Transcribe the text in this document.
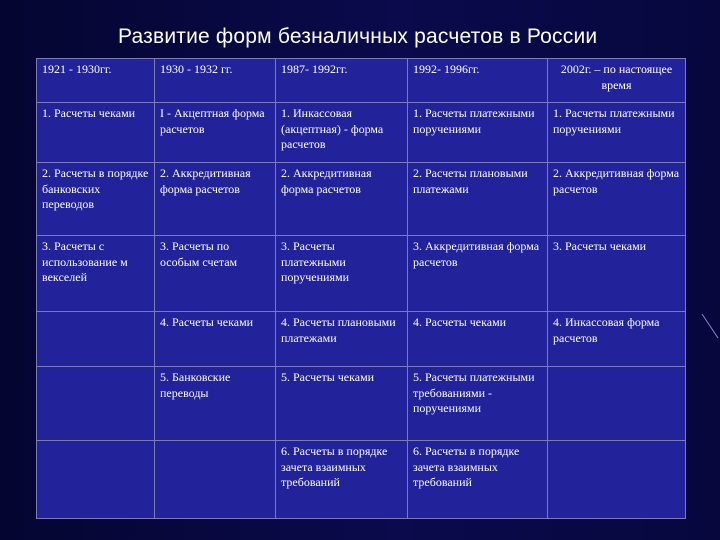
Развитие форм безналичных расчетов в России
1921 - 1930гг.	1930 - 1932 гг.	1987- 1992гг.	1992- 1996гг.	2002г. – по настоящее время
1. Расчеты чеками	I - Акцептная форма расчетов	1. Инкассовая (акцептная) - форма расчетов	1. Расчеты платежными поручениями	1. Расчеты платежными поручениями
2. Расчеты в порядке банковских переводов	2. Аккредитивная форма расчетов	2. Аккредитивная форма расчетов	2. Расчеты плановыми платежами	2. Аккредитивная форма расчетов
3. Расчеты с использование м векселей	3. Расчеты по особым счетам	3. Расчеты платежными поручениями	3. Аккредитивная форма расчетов	3. Расчеты чеками
	4. Расчеты чеками	4. Расчеты плановыми платежами	4. Расчеты чеками	4. Инкассовая форма расчетов
	5. Банковские переводы	5. Расчеты чеками	5. Расчеты платежными требованиями - поручениями	
		6. Расчеты в порядке зачета взаимных требований	6. Расчеты в порядке зачета взаимных требований	
